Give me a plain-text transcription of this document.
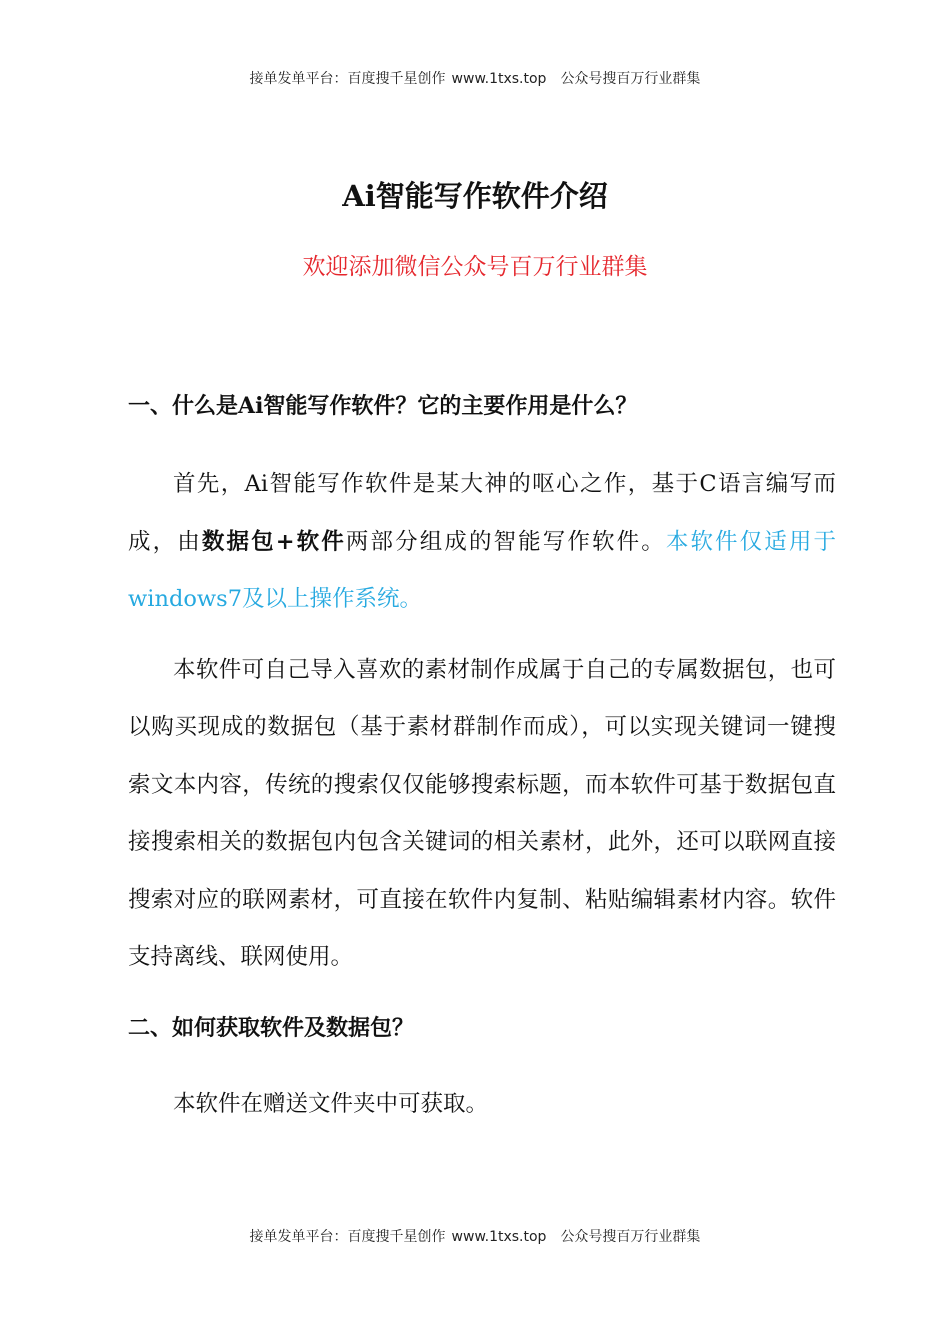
接单发单平台：百度搜千星创作 www.1txs.top 公众号搜百万行业群集
Ai智能写作软件介绍

欢迎添加微信公众号百万行业群集

一、什么是Ai智能写作软件？它的主要作用是什么？

首先，Ai智能写作软件是某大神的呕心之作，基于C语言编写而成，由数据包+软件两部分组成的智能写作软件。本软件仅适用于windows7及以上操作系统。

本软件可自己导入喜欢的素材制作成属于自己的专属数据包，也可以购买现成的数据包（基于素材群制作而成），可以实现关键词一键搜索文本内容，传统的搜索仅仅能够搜索标题，而本软件可基于数据包直接搜索相关的数据包内包含关键词的相关素材，此外，还可以联网直接搜索对应的联网素材，可直接在软件内复制、粘贴编辑素材内容。软件支持离线、联网使用。

二、如何获取软件及数据包？

本软件在赠送文件夹中可获取。

接单发单平台：百度搜千星创作 www.1txs.top 公众号搜百万行业群集
